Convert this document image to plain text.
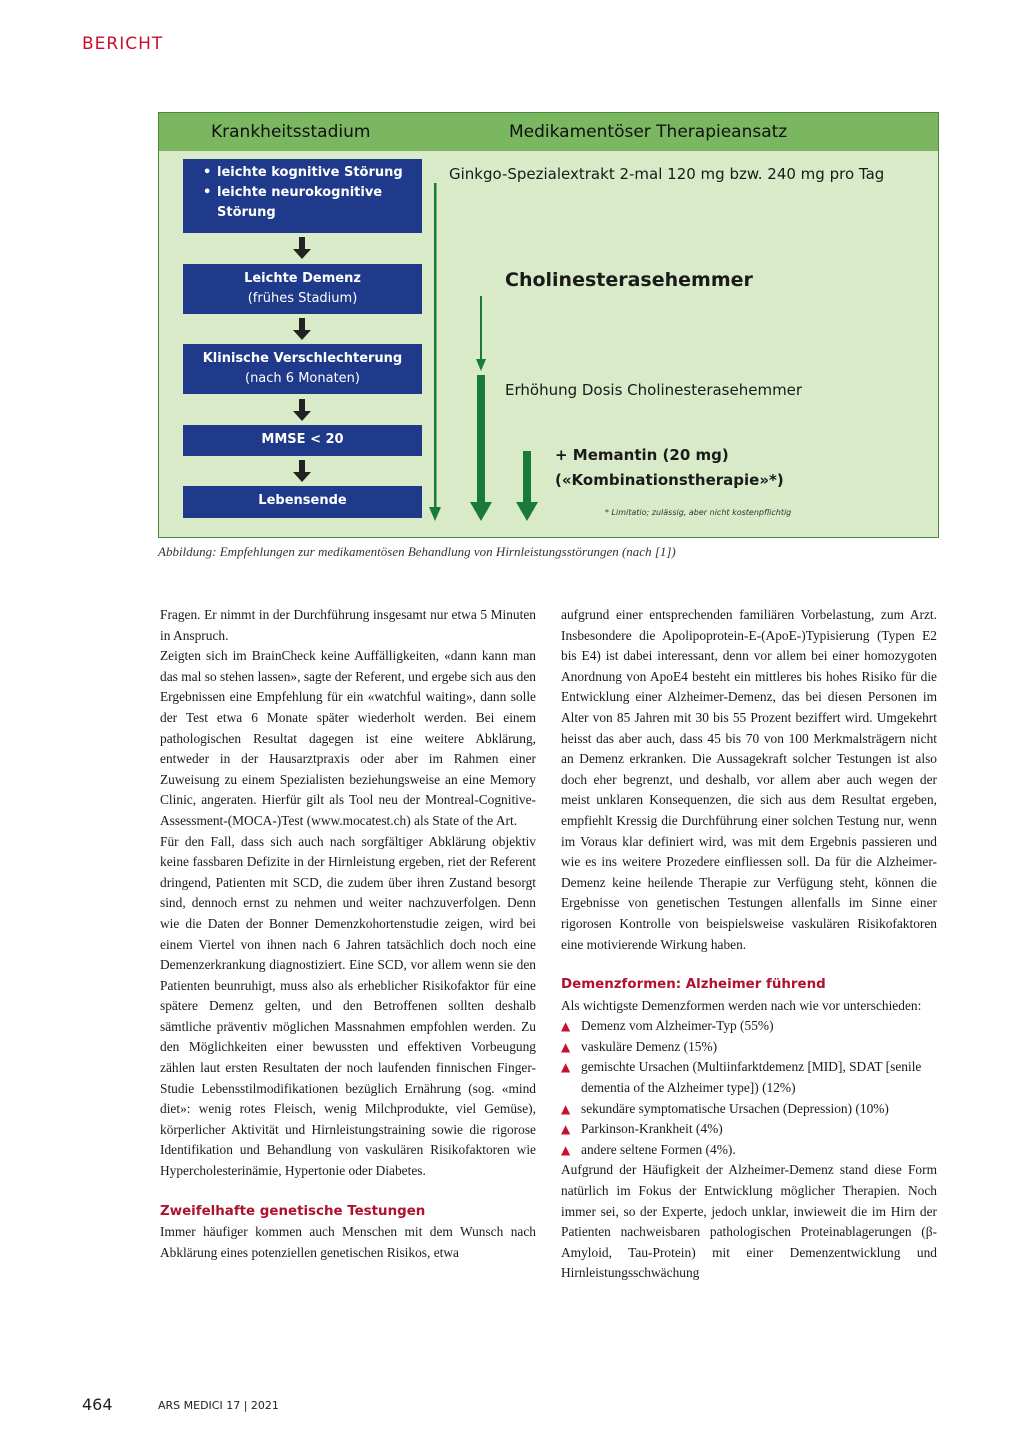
BERICHT
Krankheitsstadium	Medikamentöser Therapieansatz
• leichte kognitive Störung
• leichte neurokognitive Störung
Leichte Demenz
(frühes Stadium)
Klinische Verschlechterung
(nach 6 Monaten)
MMSE < 20
Lebensende
Ginkgo-Spezialextrakt 2-mal 120 mg bzw. 240 mg pro Tag
Cholinesterasehemmer
Erhöhung Dosis Cholinesterasehemmer
+ Memantin (20 mg)
(«Kombinationstherapie»*)
* Limitatio; zulässig, aber nicht kostenpflichtig
Abbildung: Empfehlungen zur medikamentösen Behandlung von Hirnleistungsstörungen (nach [1])

Fragen. Er nimmt in der Durchführung insgesamt nur etwa 5 Minuten in Anspruch.

Zeigten sich im BrainCheck keine Auffälligkeiten, «dann kann man das mal so stehen lassen», sagte der Referent, und ergebe sich aus den Ergebnissen eine Empfehlung für ein «watchful waiting», dann solle der Test etwa 6 Monate später wiederholt werden. Bei einem pathologischen Resultat dagegen ist eine weitere Abklärung, entweder in der Hausarztpraxis oder aber im Rahmen einer Zuweisung zu einem Spezialisten beziehungsweise an eine Memory Clinic, angeraten. Hierfür gilt als Tool neu der Montreal-Cognitive-Assessment-(MOCA-)Test (www.mocatest.ch) als State of the Art.

Für den Fall, dass sich auch nach sorgfältiger Abklärung objektiv keine fassbaren Defizite in der Hirnleistung ergeben, riet der Referent dringend, Patienten mit SCD, die zudem über ihren Zustand besorgt sind, dennoch ernst zu nehmen und weiter nachzuverfolgen. Denn wie die Daten der Bonner Demenzkohortenstudie zeigen, wird bei einem Viertel von ihnen nach 6 Jahren tatsächlich doch noch eine Demenzerkrankung diagnostiziert. Eine SCD, vor allem wenn sie den Patienten beunruhigt, muss also als erheblicher Risikofaktor für eine spätere Demenz gelten, und den Betroffenen sollten deshalb sämtliche präventiv möglichen Massnahmen empfohlen werden. Zu den Möglichkeiten einer bewussten und effektiven Vorbeugung zählen laut ersten Resultaten der noch laufenden finnischen Finger-Studie Lebensstilmodifikationen bezüglich Ernährung (sog. «mind diet»: wenig rotes Fleisch, wenig Milchprodukte, viel Gemüse), körperlicher Aktivität und Hirnleistungstraining sowie die rigorose Identifikation und Behandlung von vaskulären Risikofaktoren wie Hypercholesterinämie, Hypertonie oder Diabetes.

Zweifelhafte genetische Testungen

Immer häufiger kommen auch Menschen mit dem Wunsch nach Abklärung eines potenziellen genetischen Risikos, etwa

aufgrund einer entsprechenden familiären Vorbelastung, zum Arzt. Insbesondere die Apolipoprotein-E-(ApoE-)Typisierung (Typen E2 bis E4) ist dabei interessant, denn vor allem bei einer homozygoten Anordnung von ApoE4 besteht ein mittleres bis hohes Risiko für die Entwicklung einer Alzheimer-Demenz, das bei diesen Personen im Alter von 85 Jahren mit 30 bis 55 Prozent beziffert wird. Umgekehrt heisst das aber auch, dass 45 bis 70 von 100 Merkmalsträgern nicht an Demenz erkranken. Die Aussagekraft solcher Testungen ist also doch eher begrenzt, und deshalb, vor allem aber auch wegen der meist unklaren Konsequenzen, die sich aus dem Resultat ergeben, empfiehlt Kressig die Durchführung einer solchen Testung nur, wenn im Voraus klar definiert wird, was mit dem Ergebnis passieren und wie es ins weitere Prozedere einfliessen soll. Da für die Alzheimer-Demenz keine heilende Therapie zur Verfügung steht, können die Ergebnisse von genetischen Testungen allenfalls im Sinne einer rigorosen Kontrolle von beispielsweise vaskulären Risikofaktoren eine motivierende Wirkung haben.

Demenzformen: Alzheimer führend

Als wichtigste Demenzformen werden nach wie vor unterschieden:

▲ Demenz vom Alzheimer-Typ (55%)
▲ vaskuläre Demenz (15%)
▲ gemischte Ursachen (Multiinfarktdemenz [MID], SDAT [senile dementia of the Alzheimer type]) (12%)
▲ sekundäre symptomatische Ursachen (Depression) (10%)
▲ Parkinson-Krankheit (4%)
▲ andere seltene Formen (4%).

Aufgrund der Häufigkeit der Alzheimer-Demenz stand diese Form natürlich im Fokus der Entwicklung möglicher Therapien. Noch immer sei, so der Experte, jedoch unklar, inwieweit die im Hirn der Patienten nachweisbaren pathologischen Proteinablagerungen (β-Amyloid, Tau-Protein) mit einer Demenzentwicklung und Hirnleistungsschwächung

464	ARS MEDICI 17 | 2021
